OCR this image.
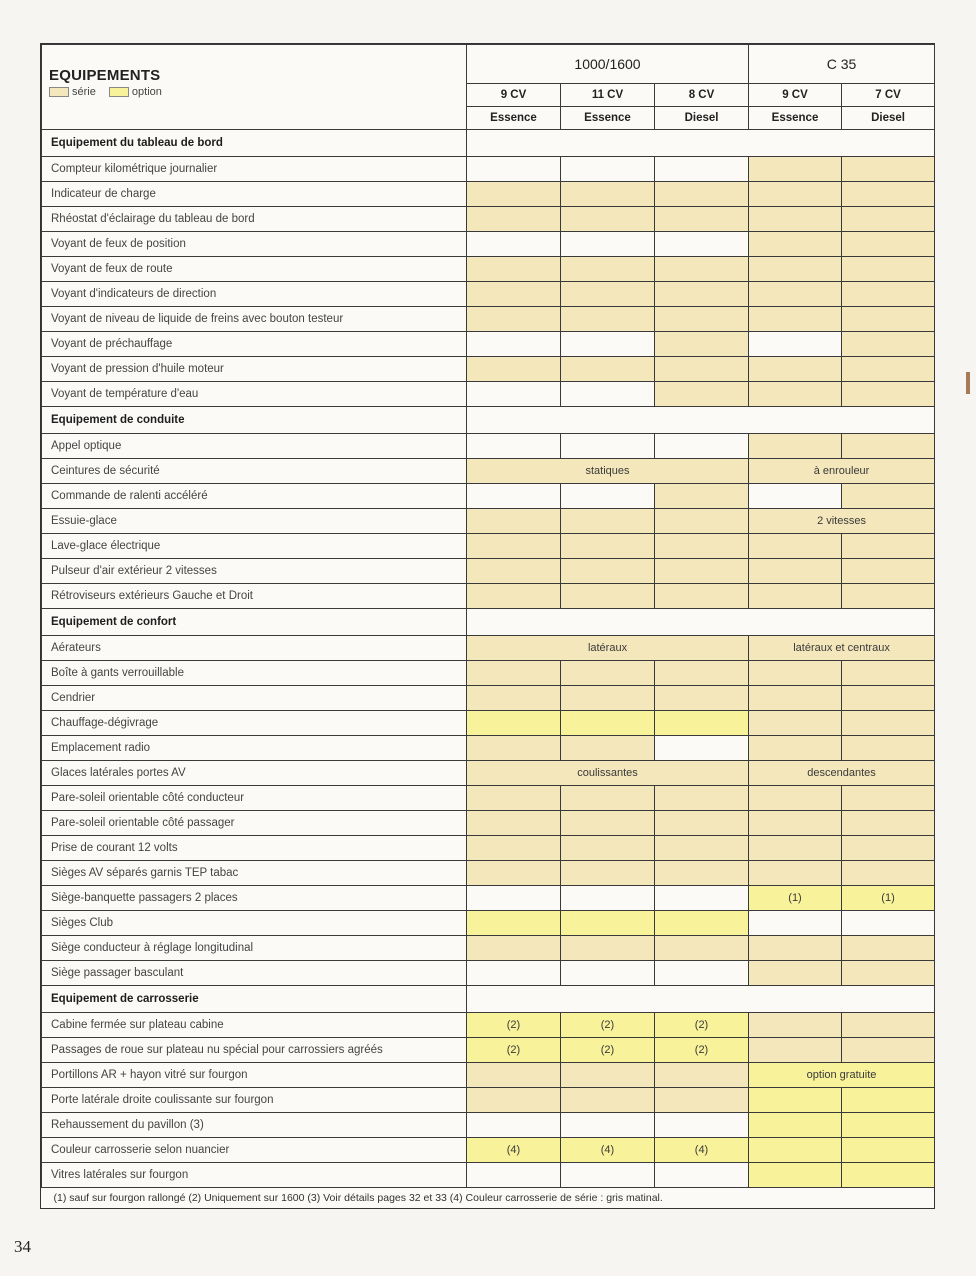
EQUIPEMENTS
série option	1000/1600			C 35	
	9 CV	11 CV	8 CV	9 CV	7 CV
	Essence	Essence	Diesel	Essence	Diesel
Equipement du tableau de bord					
Compteur kilométrique journalier					
Indicateur de charge					
Rhéostat d'éclairage du tableau de bord					
Voyant de feux de position					
Voyant de feux de route					
Voyant d'indicateurs de direction					
Voyant de niveau de liquide de freins avec bouton testeur					
Voyant de préchauffage					
Voyant de pression d'huile moteur					
Voyant de température d'eau					
Equipement de conduite					
Appel optique					
Ceintures de sécurité	statiques			à enrouleur	
Commande de ralenti accéléré					
Essuie-glace				2 vitesses	
Lave-glace électrique					
Pulseur d'air extérieur 2 vitesses					
Rétroviseurs extérieurs Gauche et Droit					
Equipement de confort					
Aérateurs	latéraux			latéraux et centraux	
Boîte à gants verrouillable					
Cendrier					
Chauffage-dégivrage					
Emplacement radio					
Glaces latérales portes AV	coulissantes			descendantes	
Pare-soleil orientable côté conducteur					
Pare-soleil orientable côté passager					
Prise de courant 12 volts					
Sièges AV séparés garnis TEP tabac					
Siège-banquette passagers 2 places				(1)	(1)
Sièges Club					
Siège conducteur à réglage longitudinal					
Siège passager basculant					
Equipement de carrosserie					
Cabine fermée sur plateau cabine	(2)	(2)	(2)		
Passages de roue sur plateau nu spécial pour carrossiers agréés	(2)	(2)	(2)		
Portillons AR + hayon vitré sur fourgon				option gratuite	
Porte latérale droite coulissante sur fourgon					
Rehaussement du pavillon (3)					
Couleur carrosserie selon nuancier	(4)	(4)	(4)		
Vitres latérales sur fourgon					
(1) sauf sur fourgon rallongé (2) Uniquement sur 1600 (3) Voir détails pages 32 et 33 (4) Couleur carrosserie de série : gris matinal.					
34
